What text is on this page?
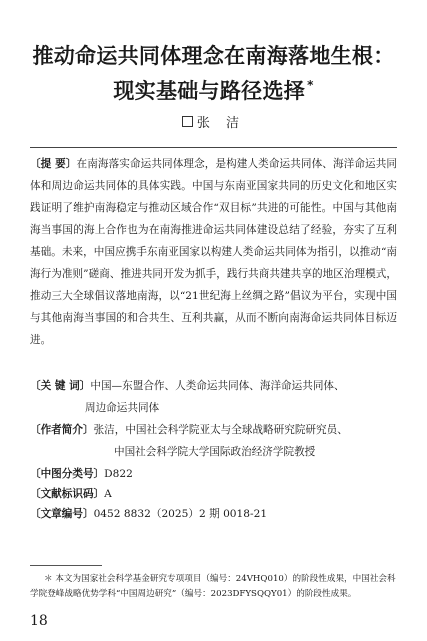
推动命运共同体理念在南海落地生根：
现实基础与路径选择 *
张 洁
〔提 要〕在南海落实命运共同体理念，是构建人类命运共同体、海洋命运共同体和周边命运共同体的具体实践。中国与东南亚国家共同的历史文化和地区实践证明了维护南海稳定与推动区域合作“双目标”共进的可能性。中国与其他南海当事国的海上合作也为在南海推进命运共同体建设总结了经验，夯实了互利基础。未来，中国应携手东南亚国家以构建人类命运共同体为指引，以推动“南海行为准则”磋商、推进共同开发为抓手，践行共商共建共享的地区治理模式，推动三大全球倡议落地南海，以“21世纪海上丝绸之路”倡议为平台，实现中国与其他南海当事国的和合共生、互利共赢，从而不断向南海命运共同体目标迈进。
〔关 键 词〕中国—东盟合作、人类命运共同体、海洋命运共同体、
周边命运共同体
〔作者简介〕张洁，中国社会科学院亚太与全球战略研究院研究员、
中国社会科学院大学国际政治经济学院教授
〔中图分类号〕D822
〔文献标识码〕A
〔文章编号〕0452 8832（2025）2 期 0018-21
＊ 本文为国家社会科学基金研究专项项目（编号：24VHQ010）的阶段性成果，中国社会科学院登峰战略优势学科“中国周边研究”（编号：2023DFYSQQY01）的阶段性成果。
18
